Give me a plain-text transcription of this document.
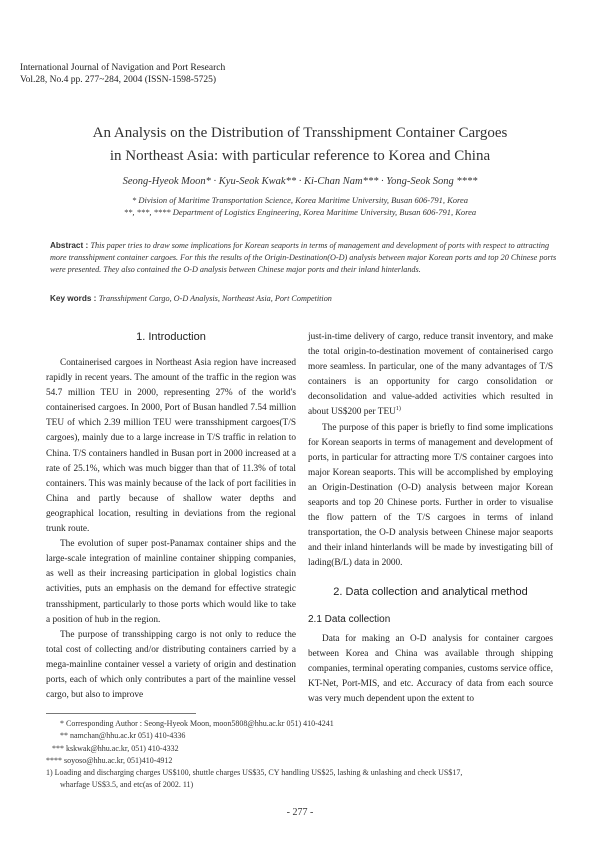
International Journal of Navigation and Port Research
Vol.28, No.4 pp. 277~284, 2004 (ISSN-1598-5725)
An Analysis on the Distribution of Transshipment Container Cargoes
in Northeast Asia: with particular reference to Korea and China
Seong-Hyeok Moon* · Kyu-Seok Kwak** · Ki-Chan Nam*** · Yong-Seok Song ****
* Division of Maritime Transportation Science, Korea Maritime University, Busan 606-791, Korea
**, ***, **** Department of Logistics Engineering, Korea Maritime University, Busan 606-791, Korea
Abstract : This paper tries to draw some implications for Korean seaports in terms of management and development of ports with respect to attracting more transshipment container cargoes. For this the results of the Origin-Destination(O-D) analysis between major Korean ports and top 20 Chinese ports were presented. They also contained the O-D analysis between Chinese major ports and their inland hinterlands.
Key words : Transshipment Cargo, O-D Analysis, Northeast Asia, Port Competition
1. Introduction

Containerised cargoes in Northeast Asia region have increased rapidly in recent years. The amount of the traffic in the region was 54.7 million TEU in 2000, representing 27% of the world's containerised cargoes. In 2000, Port of Busan handled 7.54 million TEU of which 2.39 million TEU were transshipment cargoes(T/S cargoes), mainly due to a large increase in T/S traffic in relation to China. T/S containers handled in Busan port in 2000 increased at a rate of 25.1%, which was much bigger than that of 11.3% of total containers. This was mainly because of the lack of port facilities in China and partly because of shallow water depths and geographical location, resulting in deviations from the regional trunk route.

The evolution of super post-Panamax container ships and the large-scale integration of mainline container shipping companies, as well as their increasing participation in global logistics chain activities, puts an emphasis on the demand for effective strategic transshipment, particularly to those ports which would like to take a position of hub in the region.

The purpose of transshipping cargo is not only to reduce the total cost of collecting and/or distributing containers carried by a mega-mainline container vessel a variety of origin and destination ports, each of which only contributes a part of the mainline vessel cargo, but also to improve

just-in-time delivery of cargo, reduce transit inventory, and make the total origin-to-destination movement of containerised cargo more seamless. In particular, one of the many advantages of T/S containers is an opportunity for cargo consolidation or deconsolidation and value-added activities which resulted in about US$200 per TEU$^{1)}$

The purpose of this paper is briefly to find some implications for Korean seaports in terms of management and development of ports, in particular for attracting more T/S container cargoes into major Korean seaports. This will be accomplished by employing an Origin-Destination (O-D) analysis between major Korean seaports and top 20 Chinese ports. Further in order to visualise the flow pattern of the T/S cargoes in terms of inland transportation, the O-D analysis between Chinese major seaports and their inland hinterlands will be made by investigating bill of lading(B/L) data in 2000.

2. Data collection and analytical method
2.1 Data collection

Data for making an O-D analysis for container cargoes between Korea and China was available through shipping companies, terminal operating companies, customs service office, KT-Net, Port-MIS, and etc. Accuracy of data from each source was very much dependent upon the extent to

* Corresponding Author : Seong-Hyeok Moon, moon5808@hhu.ac.kr 051) 410-4241
** namchan@hhu.ac.kr 051) 410-4336
*** kskwak@hhu.ac.kr, 051) 410-4332
**** soyoso@hhu.ac.kr, 051)410-4912
1) Loading and discharging charges US$100, shuttle charges US$35, CY handling US$25, lashing & unlashing and check US$17,
wharfage US$3.5, and etc(as of 2002. 11)
- 277 -
